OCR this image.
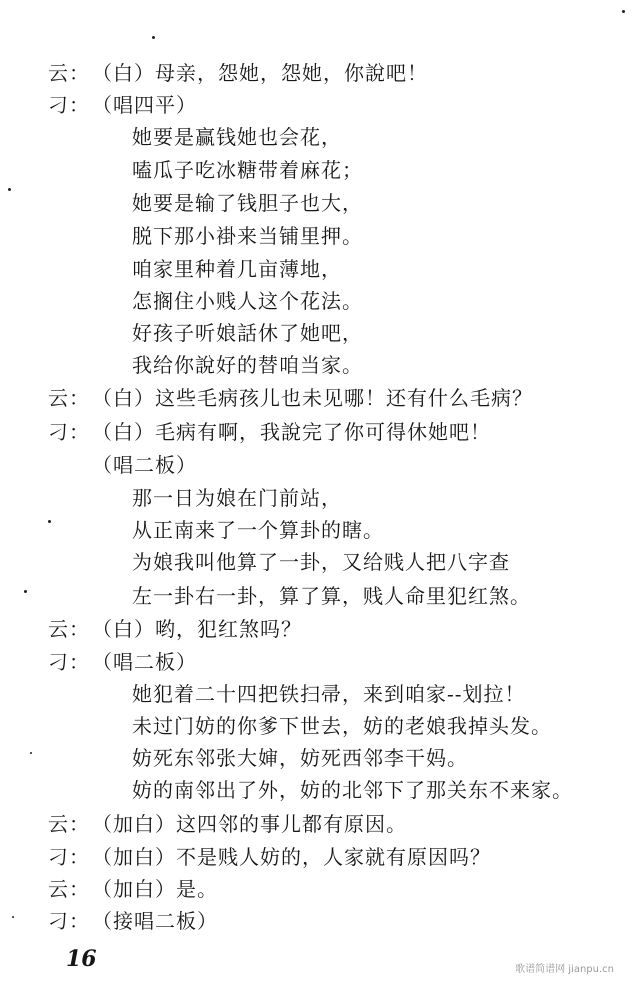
云： （白）母亲，怨她，怨她，你說吧！
刁： （唱四平）
她要是赢钱她也会花，
嗑瓜子吃冰糖带着麻花；
她要是输了钱胆子也大，
脱下那小褂来当铺里押。
咱家里种着几亩薄地，
怎搁住小贱人这个花法。
好孩子听娘話休了她吧，
我给你說好的替咱当家。
云： （白）这些毛病孩儿也未见哪！还有什么毛病？
刁： （白）毛病有啊，我說完了你可得休她吧！
（唱二板）
那一日为娘在门前站，
从正南来了一个算卦的瞎。
为娘我叫他算了一卦，又给贱人把八字查
左一卦右一卦，算了算，贱人命里犯红煞。
云： （白）哟，犯红煞吗？
刁： （唱二板）
她犯着二十四把铁扫帚，来到咱家--划拉！
未过门妨的你爹下世去，妨的老娘我掉头发。
妨死东邻张大婶，妨死西邻李干妈。
妨的南邻出了外，妨的北邻下了那关东不来家。
云： （加白）这四邻的事儿都有原因。
刁： （加白）不是贱人妨的，人家就有原因吗？
云： （加白）是。
刁： （接唱二板）
16	歌谱简谱网 jianpu.cn
